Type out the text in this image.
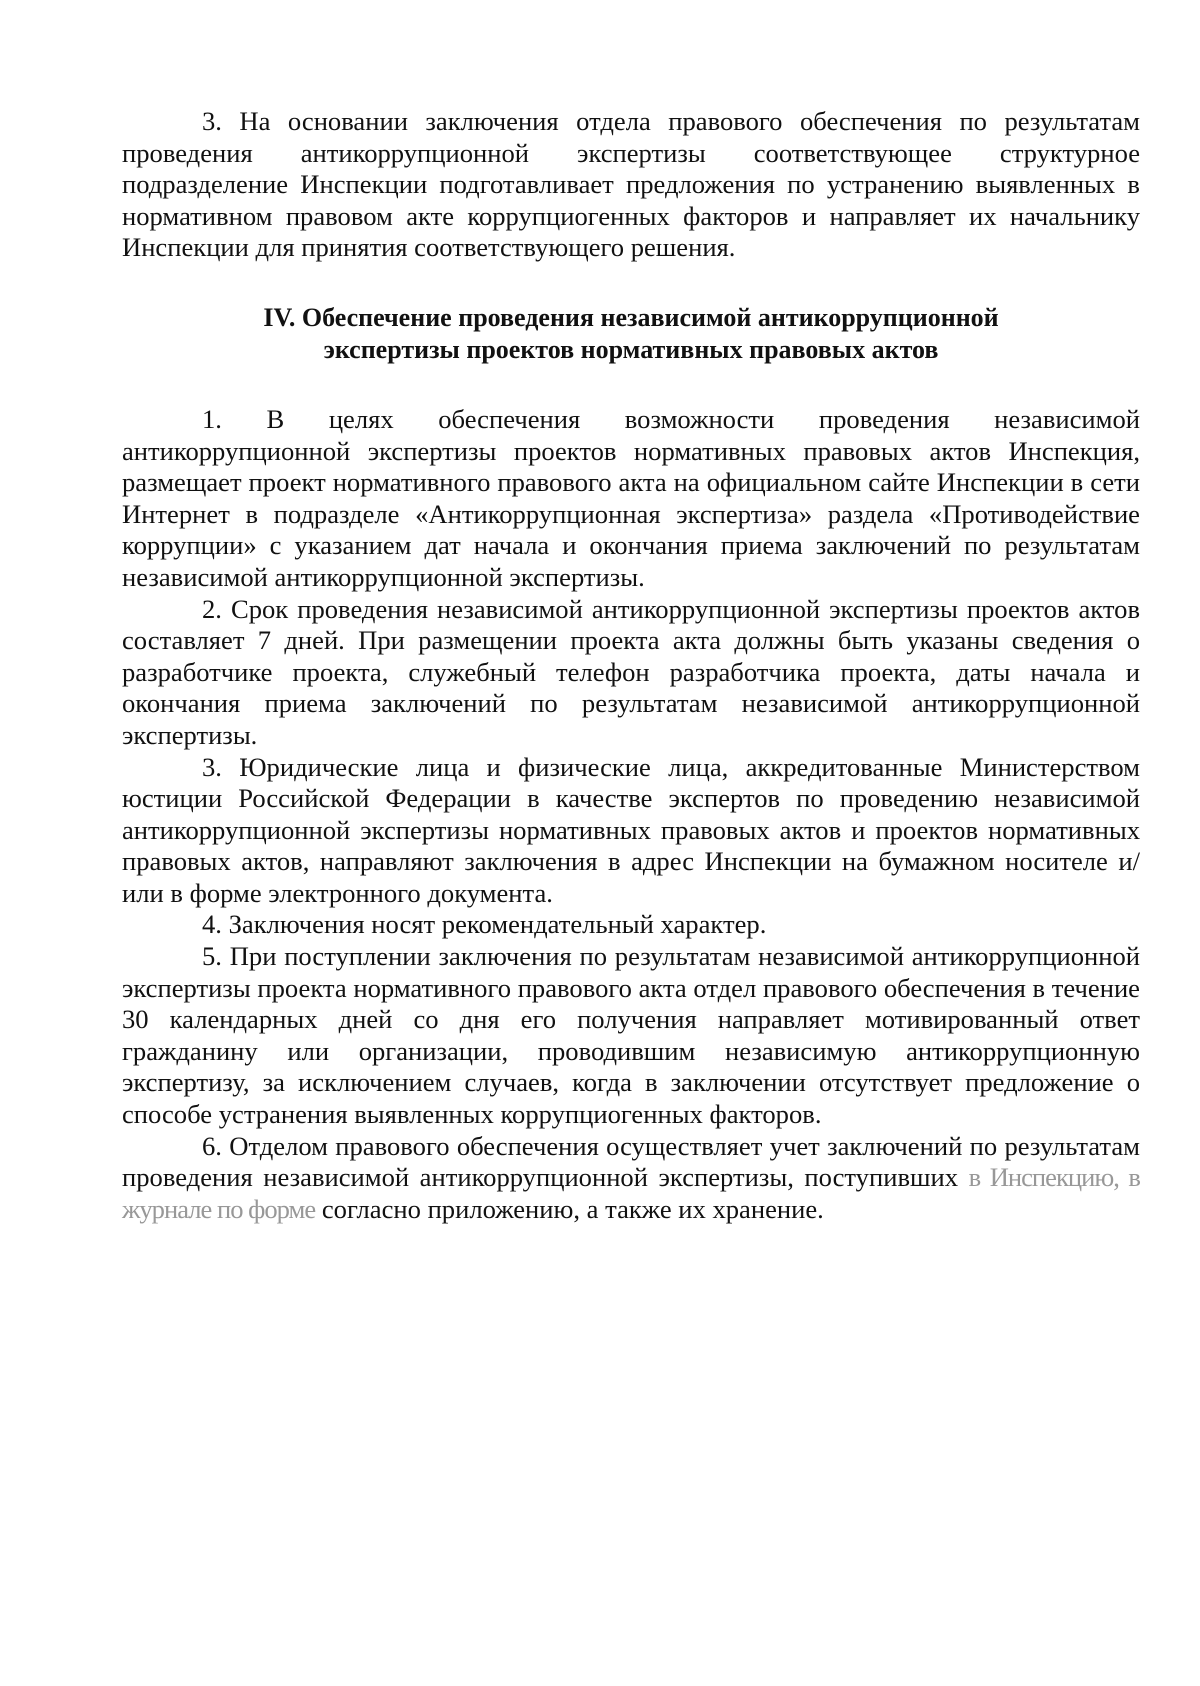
3. На основании заключения отдела правового обеспечения по результатам проведения антикоррупционной экспертизы соответствующее структурное подразделение Инспекции подготавливает предложения по устранению выявленных в нормативном правовом акте коррупциогенных факторов и направляет их начальнику Инспекции для принятия соответствующего решения.

IV. Обеспечение проведения независимой антикоррупционной
экспертизы проектов нормативных правовых актов

1. В целях обеспечения возможности проведения независимой антикоррупционной экспертизы проектов нормативных правовых актов Инспекция, размещает проект нормативного правового акта на официальном сайте Инспекции в сети Интернет в подразделе «Антикоррупционная экспертиза» раздела «Противодействие коррупции» с указанием дат начала и окончания приема заключений по результатам независимой антикоррупционной экспертизы.

2. Срок проведения независимой антикоррупционной экспертизы проектов актов составляет 7 дней. При размещении проекта акта должны быть указаны сведения о разработчике проекта, служебный телефон разработчика проекта, даты начала и окончания приема заключений по результатам независимой антикоррупционной экспертизы.

3. Юридические лица и физические лица, аккредитованные Министерством юстиции Российской Федерации в качестве экспертов по проведению независимой антикоррупционной экспертизы нормативных правовых актов и проектов нормативных правовых актов, направляют заключения в адрес Инспекции на бумажном носителе и/или в форме электронного документа.

4. Заключения носят рекомендательный характер.

5. При поступлении заключения по результатам независимой антикоррупционной экспертизы проекта нормативного правового акта отдел правового обеспечения в течение 30 календарных дней со дня его получения направляет мотивированный ответ гражданину или организации, проводившим независимую антикоррупционную экспертизу, за исключением случаев, когда в заключении отсутствует предложение о способе устранения выявленных коррупциогенных факторов.

6. Отделом правового обеспечения осуществляет учет заключений по результатам проведения независимой антикоррупционной экспертизы, поступивших в Инспекцию, в журнале по форме согласно приложению, а также их хранение.
